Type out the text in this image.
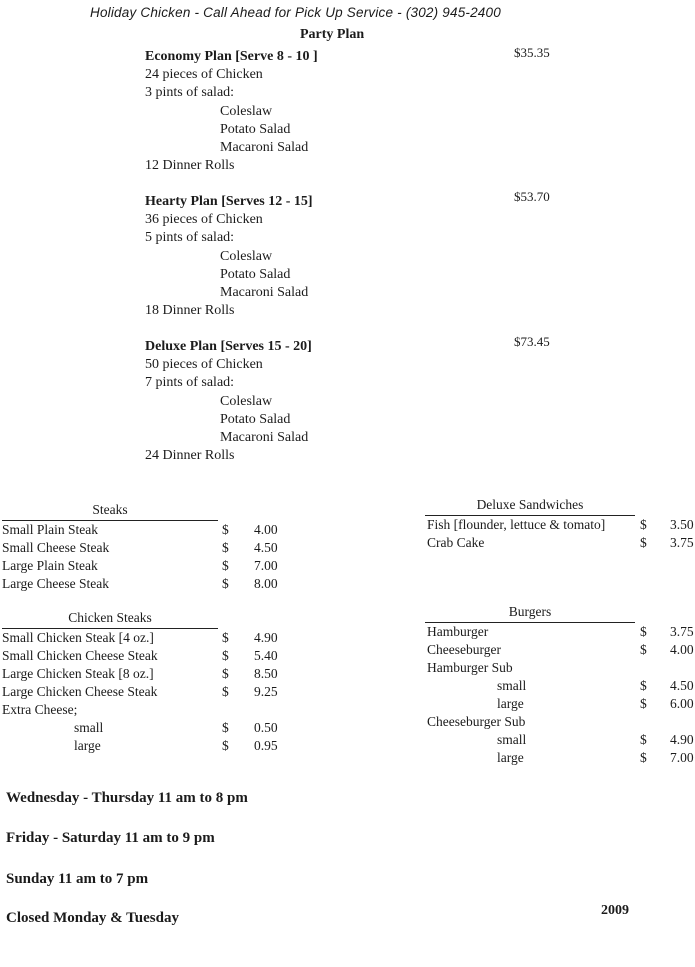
Holiday Chicken - Call Ahead for Pick Up Service - (302) 945-2400
Party Plan
Economy Plan [Serve 8 - 10 ]
24 pieces of Chicken
3 pints of salad:
Coleslaw
Potato Salad
Macaroni Salad
12 Dinner Rolls
$35.35
Hearty Plan [Serves 12 - 15]
36 pieces of Chicken
5 pints of salad:
Coleslaw
Potato Salad
Macaroni Salad
18 Dinner Rolls
$53.70
Deluxe Plan [Serves 15 - 20]
50 pieces of Chicken
7 pints of salad:
Coleslaw
Potato Salad
Macaroni Salad
24 Dinner Rolls
$73.45
Steaks
Small Plain Steak	$ 4.00
Small Cheese Steak	$ 4.50
Large Plain Steak	$ 7.00
Large Cheese Steak	$ 8.00
Chicken Steaks
Small Chicken Steak [4 oz.]	$ 4.90
Small Chicken Cheese Steak	$ 5.40
Large Chicken Steak [8 oz.]	$ 8.50
Large Chicken Cheese Steak	$ 9.25
Extra Cheese;
small	$ 0.50
large	$ 0.95
Deluxe Sandwiches
Fish [flounder, lettuce & tomato]	$ 3.50
Crab Cake	$ 3.75
Burgers
Hamburger	$ 3.75
Cheeseburger	$ 4.00
Hamburger Sub
small	$ 4.50
large	$ 6.00
Cheeseburger Sub
small	$ 4.90
large	$ 7.00
Wednesday - Thursday 11 am to 8 pm
Friday - Saturday 11 am to 9 pm
Sunday 11 am to 7 pm
Closed Monday & Tuesday	2009
